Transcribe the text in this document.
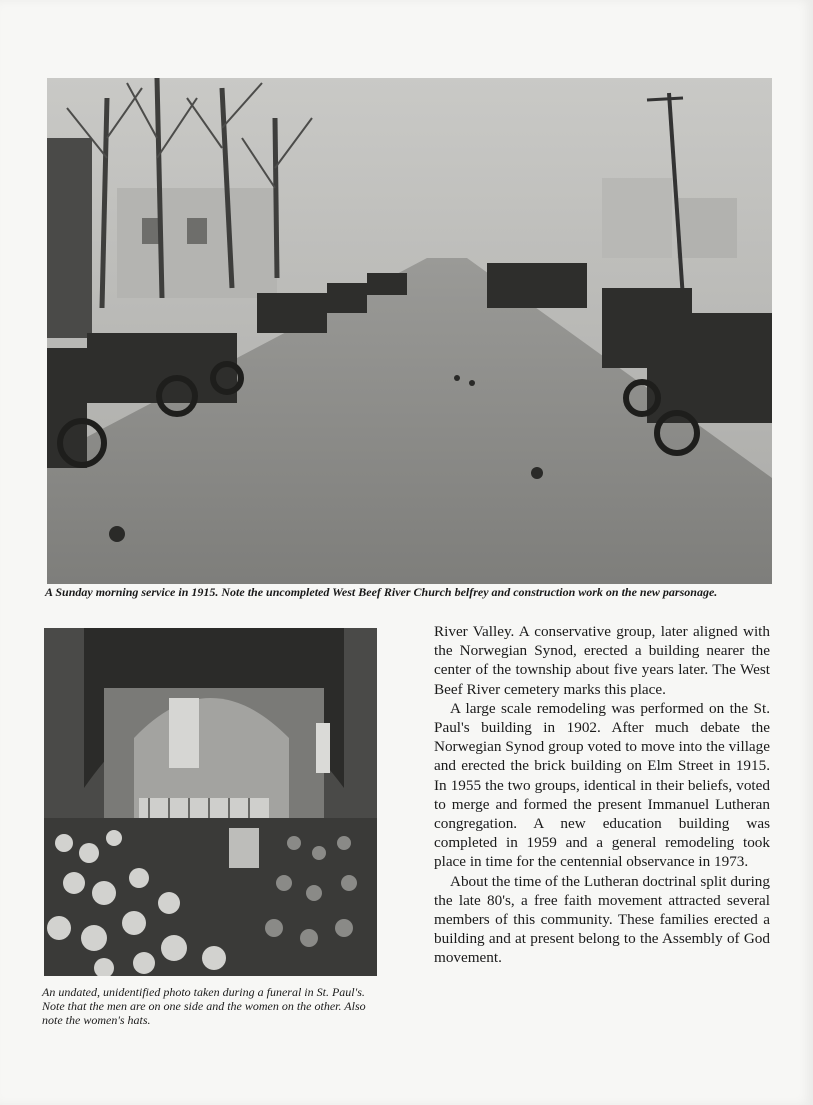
A Sunday morning service in 1915. Note the uncompleted West Beef River Church belfrey and construction work on the new parsonage.
An undated, unidentified photo taken during a funeral in St. Paul's. Note that the men are on one side and the women on the other. Also note the women's hats.

River Valley. A conservative group, later aligned with the Norwegian Synod, erected a building nearer the center of the township about five years later. The West Beef River cemetery marks this place.

A large scale remodeling was performed on the St. Paul's building in 1902. After much debate the Norwegian Synod group voted to move into the village and erected the brick building on Elm Street in 1915. In 1955 the two groups, identical in their beliefs, voted to merge and formed the present Immanuel Lutheran congregation. A new education building was completed in 1959 and a general remodeling took place in time for the centennial observance in 1973.

About the time of the Lutheran doctrinal split during the late 80's, a free faith movement attracted several members of this community. These families erected a building and at present belong to the Assembly of God movement.
